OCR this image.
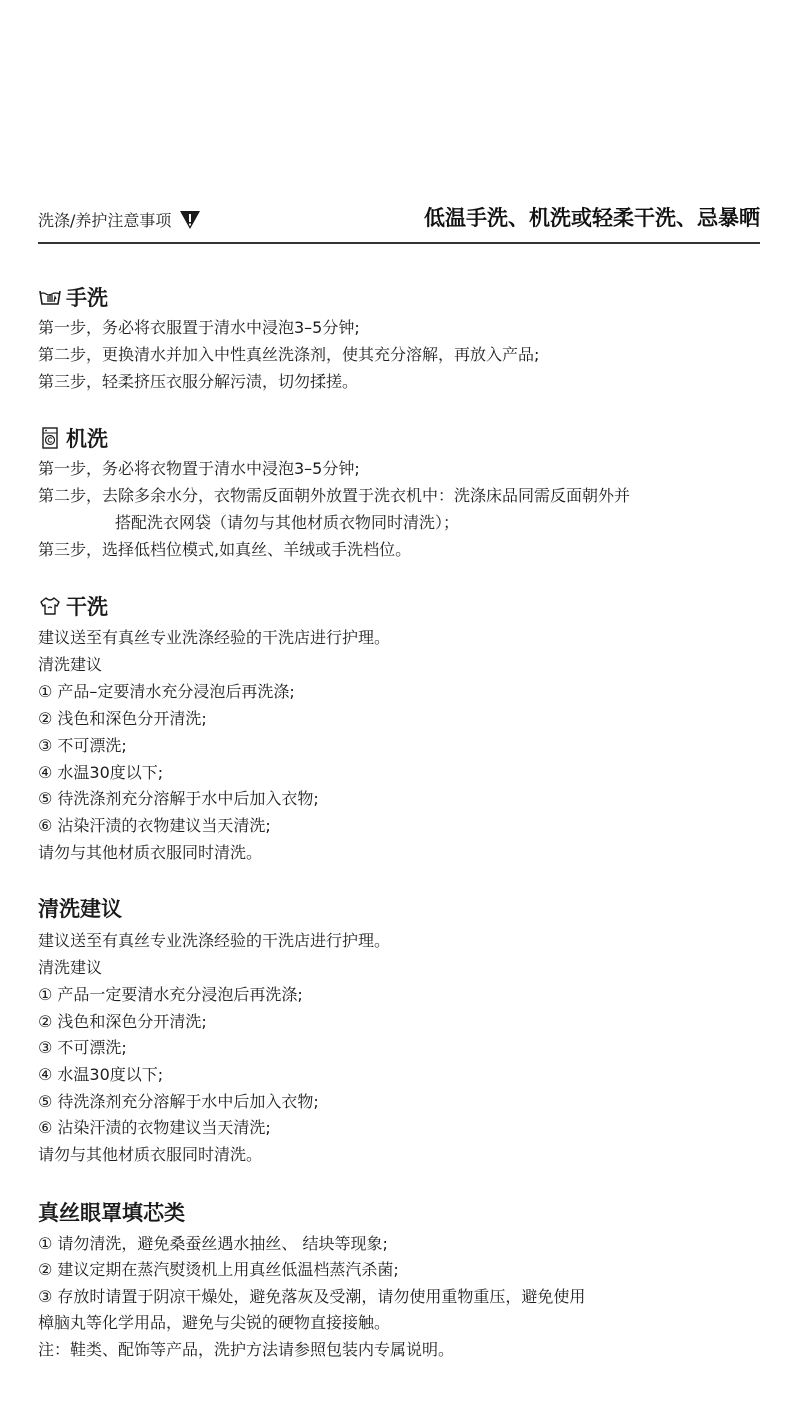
洗涤/养护注意事项	低温手洗、机洗或轻柔干洗、忌暴晒
手洗
第一步，务必将衣服置于清水中浸泡3–5分钟;
第二步，更换清水并加入中性真丝洗涤剂，使其充分溶解，再放入产品;
第三步，轻柔挤压衣服分解污渍，切勿揉搓。
机洗
第一步，务必将衣物置于清水中浸泡3–5分钟;
第二步，去除多余水分，衣物需反面朝外放置于洗衣机中：洗涤床品同需反面朝外并
搭配洗衣网袋（请勿与其他材质衣物同时清洗）；
第三步，选择低档位模式,如真丝、羊绒或手洗档位。
干洗
建议送至有真丝专业洗涤经验的干洗店进行护理。
清洗建议
① 产品–定要清水充分浸泡后再洗涤;
② 浅色和深色分开清洗;
③ 不可漂洗;
④ 水温30度以下;
⑤ 待洗涤剂充分溶解于水中后加入衣物;
⑥ 沾染汗渍的衣物建议当天清洗;
请勿与其他材质衣服同时清洗。
清洗建议
建议送至有真丝专业洗涤经验的干洗店进行护理。
清洗建议
① 产品一定要清水充分浸泡后再洗涤;
② 浅色和深色分开清洗;
③ 不可漂洗;
④ 水温30度以下;
⑤ 待洗涤剂充分溶解于水中后加入衣物;
⑥ 沾染汗渍的衣物建议当天清洗;
请勿与其他材质衣服同时清洗。
真丝眼罩填芯类
① 请勿清洗，避免桑蚕丝遇水抽丝、 结块等现象;
② 建议定期在蒸汽熨烫机上用真丝低温档蒸汽杀菌;
③ 存放时请置于阴凉干燥处，避免落灰及受潮，请勿使用重物重压，避免使用
樟脑丸等化学用品，避免与尖锐的硬物直接接触。
注：鞋类、配饰等产品，洗护方法请参照包装内专属说明。
